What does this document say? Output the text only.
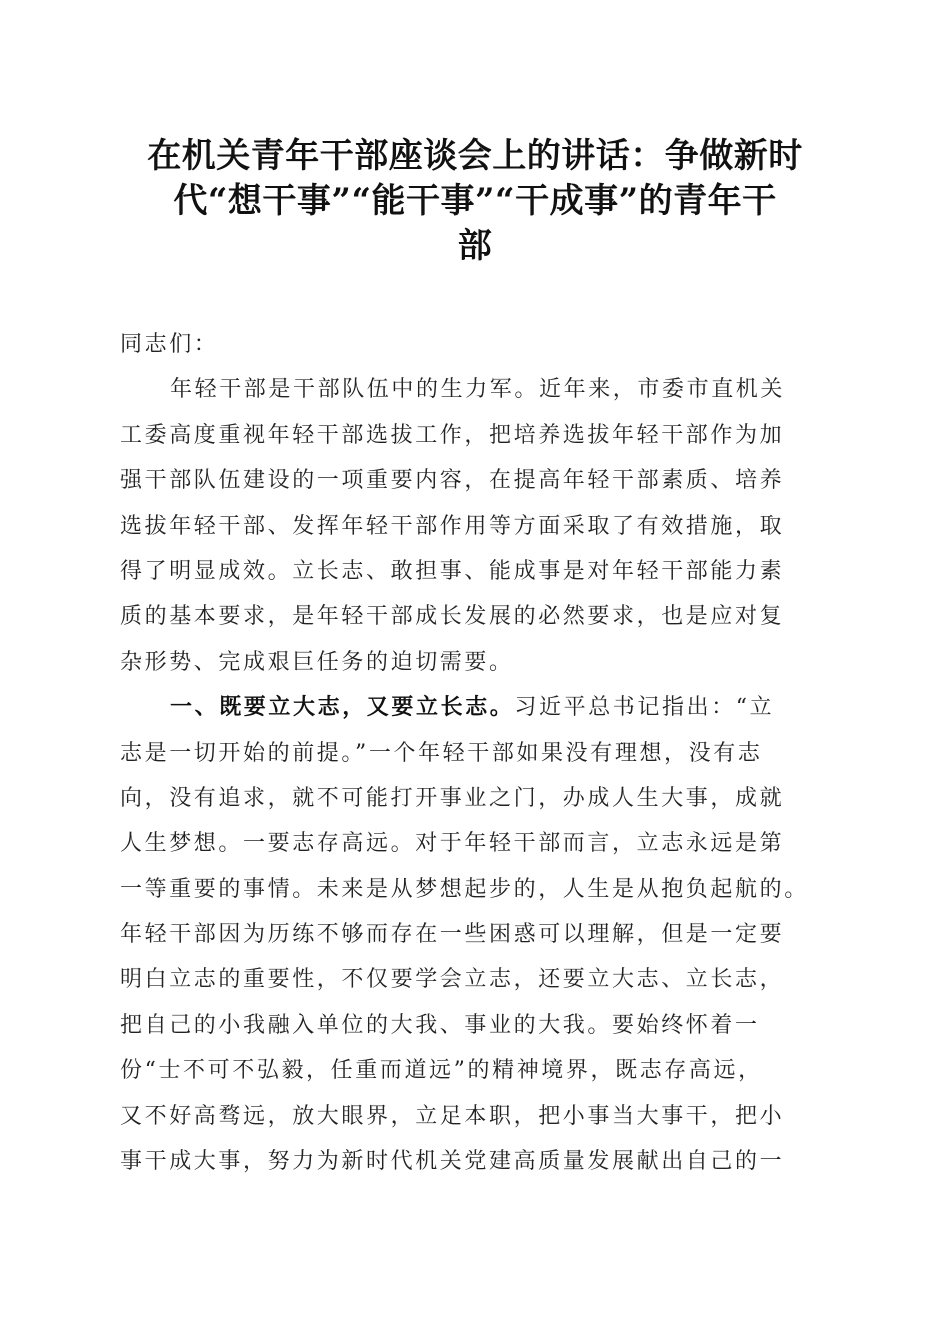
在机关青年干部座谈会上的讲话：争做新时
代“想干事”“能干事”“干成事”的青年干
部
同志们：
年轻干部是干部队伍中的生力军。近年来，市委市直机关
工委高度重视年轻干部选拔工作，把培养选拔年轻干部作为加
强干部队伍建设的一项重要内容，在提高年轻干部素质、培养
选拔年轻干部、发挥年轻干部作用等方面采取了有效措施，取
得了明显成效。立长志、敢担事、能成事是对年轻干部能力素
质的基本要求，是年轻干部成长发展的必然要求，也是应对复
杂形势、完成艰巨任务的迫切需要。
一、既要立大志，又要立长志。习近平总书记指出：“立
志是一切开始的前提。”一个年轻干部如果没有理想，没有志
向，没有追求，就不可能打开事业之门，办成人生大事，成就
人生梦想。一要志存高远。对于年轻干部而言，立志永远是第
一等重要的事情。未来是从梦想起步的，人生是从抱负起航的。
年轻干部因为历练不够而存在一些困惑可以理解，但是一定要
明白立志的重要性，不仅要学会立志，还要立大志、立长志，
把自己的小我融入单位的大我、事业的大我。要始终怀着一
份“士不可不弘毅，任重而道远”的精神境界，既志存高远，
又不好高骛远，放大眼界，立足本职，把小事当大事干，把小
事干成大事，努力为新时代机关党建高质量发展献出自己的一
